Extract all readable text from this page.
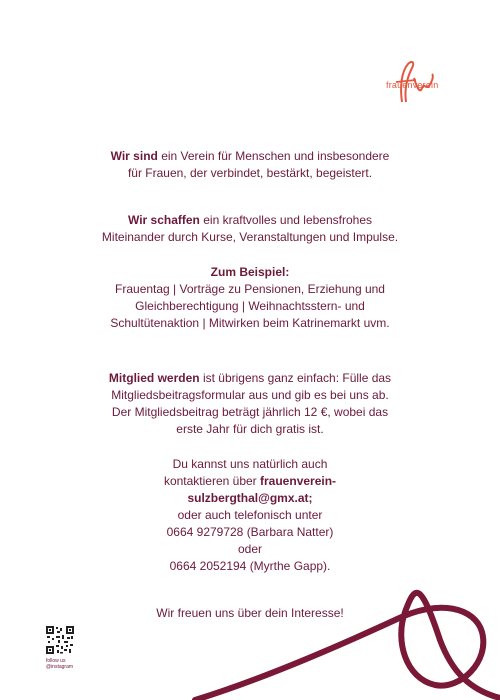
frauenverein
Wir sind ein Verein für Menschen und insbesondere
für Frauen, der verbindet, bestärkt, begeistert.
Wir schaffen ein kraftvolles und lebensfrohes
Miteinander durch Kurse, Veranstaltungen und Impulse.
Zum Beispiel:
Frauentag | Vorträge zu Pensionen, Erziehung und
Gleichberechtigung | Weihnachtsstern- und
Schultütenaktion | Mitwirken beim Katrinemarkt uvm.
Mitglied werden ist übrigens ganz einfach: Fülle das
Mitgliedsbeitragsformular aus und gib es bei uns ab.
Der Mitgliedsbeitrag beträgt jährlich 12 €, wobei das
erste Jahr für dich gratis ist.
Du kannst uns natürlich auch
kontaktieren über frauenverein-
sulzbergthal@gmx.at;
oder auch telefonisch unter
0664 9279728 (Barbara Natter)
oder
0664 2052194 (Myrthe Gapp).
Wir freuen uns über dein Interesse!
follow us
@instagram
